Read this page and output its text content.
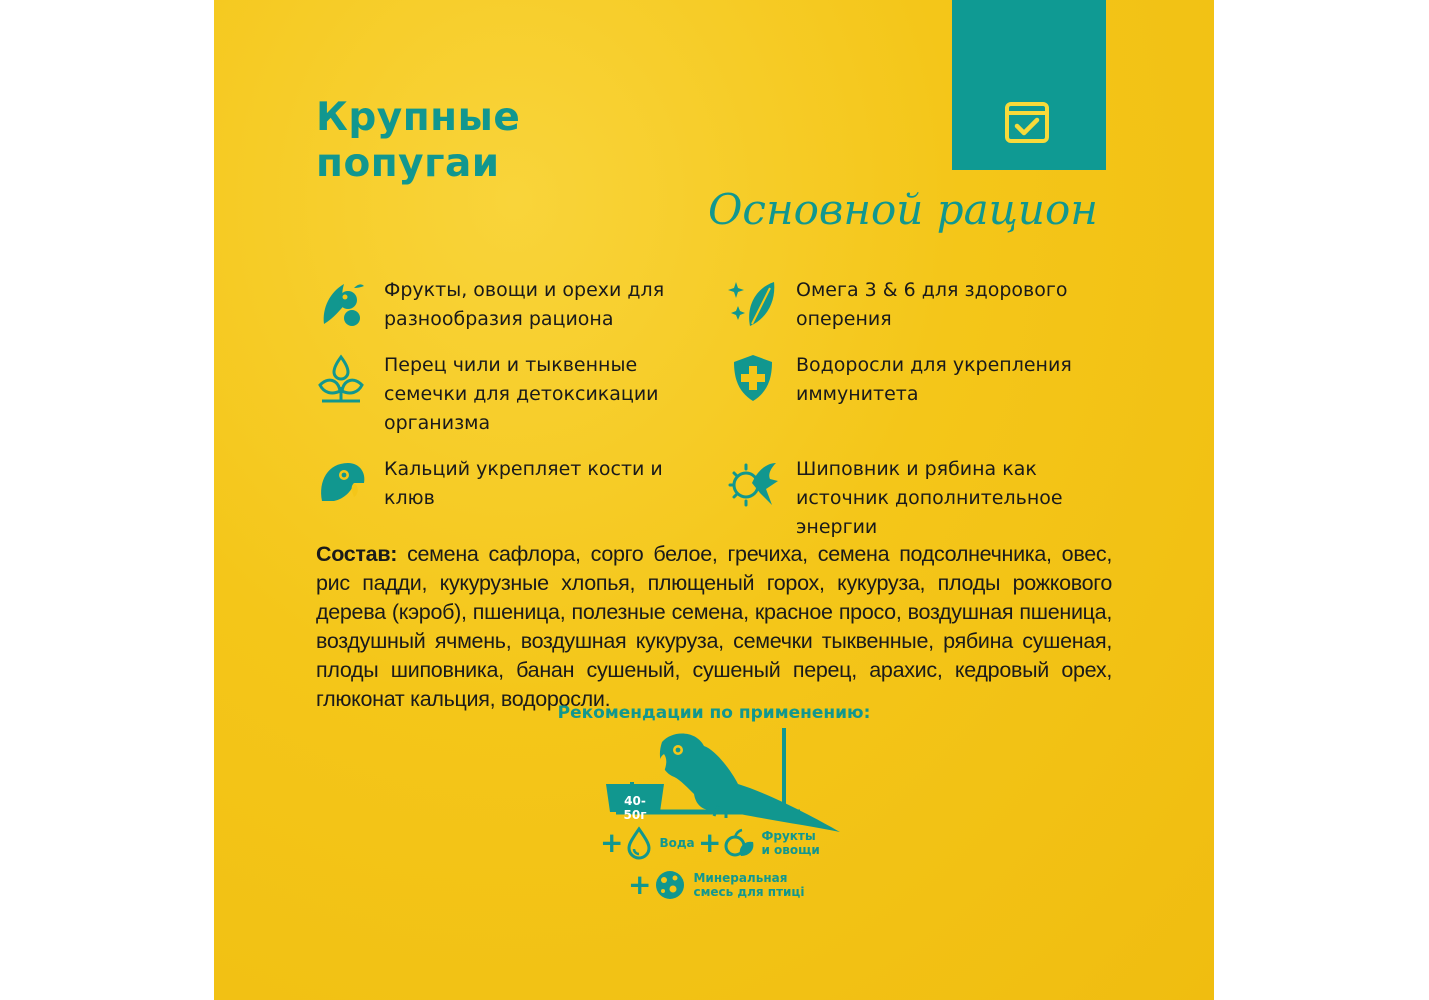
Крупные
попугаи
Основной рацион
Фрукты, овощи и орехи для разнообразия рациона
Перец чили и тыквенные семечки для детоксикации организма
Кальций укрепляет кости и клюв
Омега 3 & 6 для здорового оперения
Водоросли для укрепления иммунитета
Шиповник и рябина как источник дополнительное энергии
Состав: семена сафлора, сорго белое, гречиха, семена подсолнечника, овес, рис падди, кукурузные хлопья, плющеный горох, кукуруза, плоды рожкового дерева (кэроб), пшеница, полезные семена, красное просо, воздушная пшеница, воздушный ячмень, воздушная кукуруза, семечки тыквенные, рябина сушеная, плоды шиповника, банан сушеный, сушеный перец, арахис, кедровый орех, глюконат кальция, водоросли.
Рекомендации по применению:
40-50г
+	Вода +	Фрукты
и овощи
+	Минеральная
смесь для птиці
